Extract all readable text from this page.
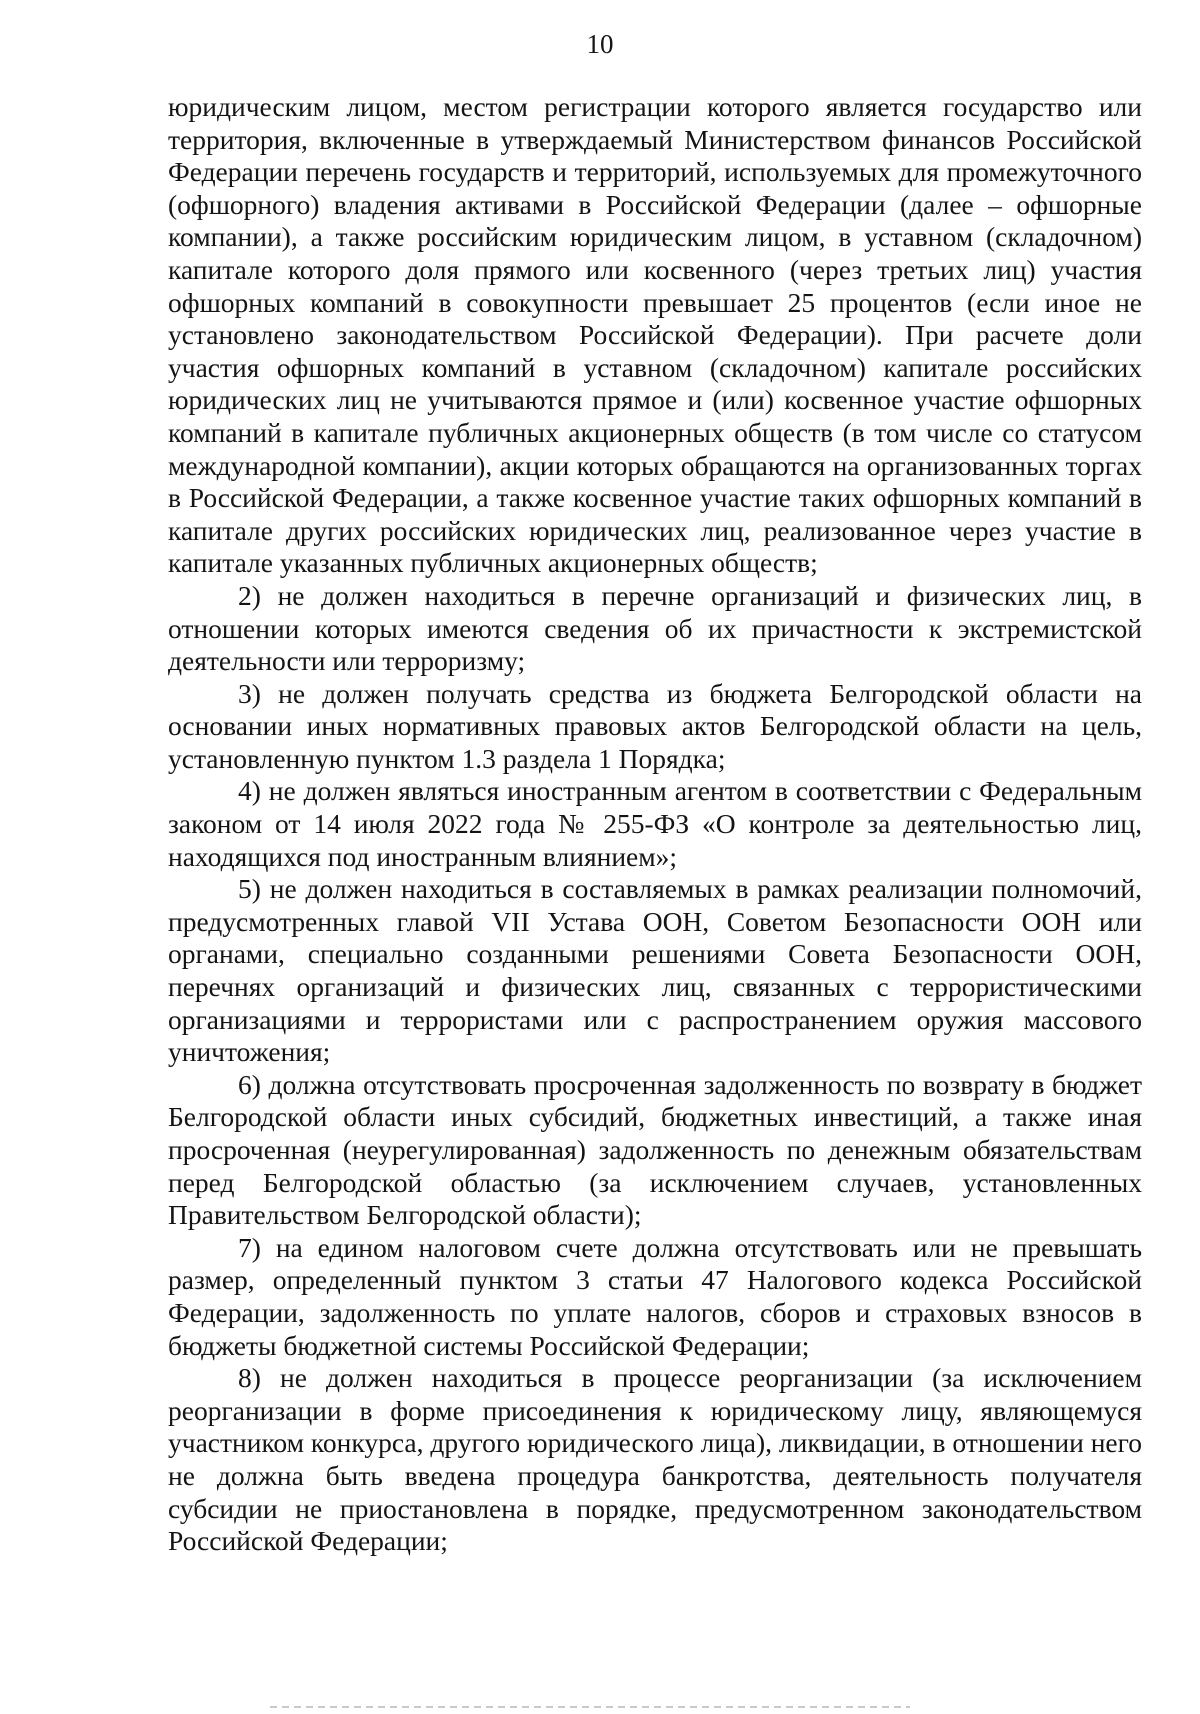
10

юридическим лицом, местом регистрации которого является государство или территория, включенные в утверждаемый Министерством финансов Российской Федерации перечень государств и территорий, используемых для промежуточного (офшорного) владения активами в Российской Федерации (далее – офшорные компании), а также российским юридическим лицом, в уставном (складочном) капитале которого доля прямого или косвенного (через третьих лиц) участия офшорных компаний в совокупности превышает 25 процентов (если иное не установлено законодательством Российской Федерации). При расчете доли участия офшорных компаний в уставном (складочном) капитале российских юридических лиц не учитываются прямое и (или) косвенное участие офшорных компаний в капитале публичных акционерных обществ (в том числе со статусом международной компании), акции которых обращаются на организованных торгах в Российской Федерации, а также косвенное участие таких офшорных компаний в капитале других российских юридических лиц, реализованное через участие в капитале указанных публичных акционерных обществ;

2) не должен находиться в перечне организаций и физических лиц, в отношении которых имеются сведения об их причастности к экстремистской деятельности или терроризму;

3) не должен получать средства из бюджета Белгородской области на основании иных нормативных правовых актов Белгородской области на цель, установленную пунктом 1.3 раздела 1 Порядка;

4) не должен являться иностранным агентом в соответствии с Федеральным законом от 14 июля 2022 года № 255-ФЗ «О контроле за деятельностью лиц, находящихся под иностранным влиянием»;

5) не должен находиться в составляемых в рамках реализации полномочий, предусмотренных главой VII Устава ООН, Советом Безопасности ООН или органами, специально созданными решениями Совета Безопасности ООН, перечнях организаций и физических лиц, связанных с террористическими организациями и террористами или с распространением оружия массового уничтожения;

6) должна отсутствовать просроченная задолженность по возврату в бюджет Белгородской области иных субсидий, бюджетных инвестиций, а также иная просроченная (неурегулированная) задолженность по денежным обязательствам перед Белгородской областью (за исключением случаев, установленных Правительством Белгородской области);

7) на едином налоговом счете должна отсутствовать или не превышать размер, определенный пунктом 3 статьи 47 Налогового кодекса Российской Федерации, задолженность по уплате налогов, сборов и страховых взносов в бюджеты бюджетной системы Российской Федерации;

8) не должен находиться в процессе реорганизации (за исключением реорганизации в форме присоединения к юридическому лицу, являющемуся участником конкурса, другого юридического лица), ликвидации, в отношении него не должна быть введена процедура банкротства, деятельность получателя субсидии не приостановлена в порядке, предусмотренном законодательством Российской Федерации;
